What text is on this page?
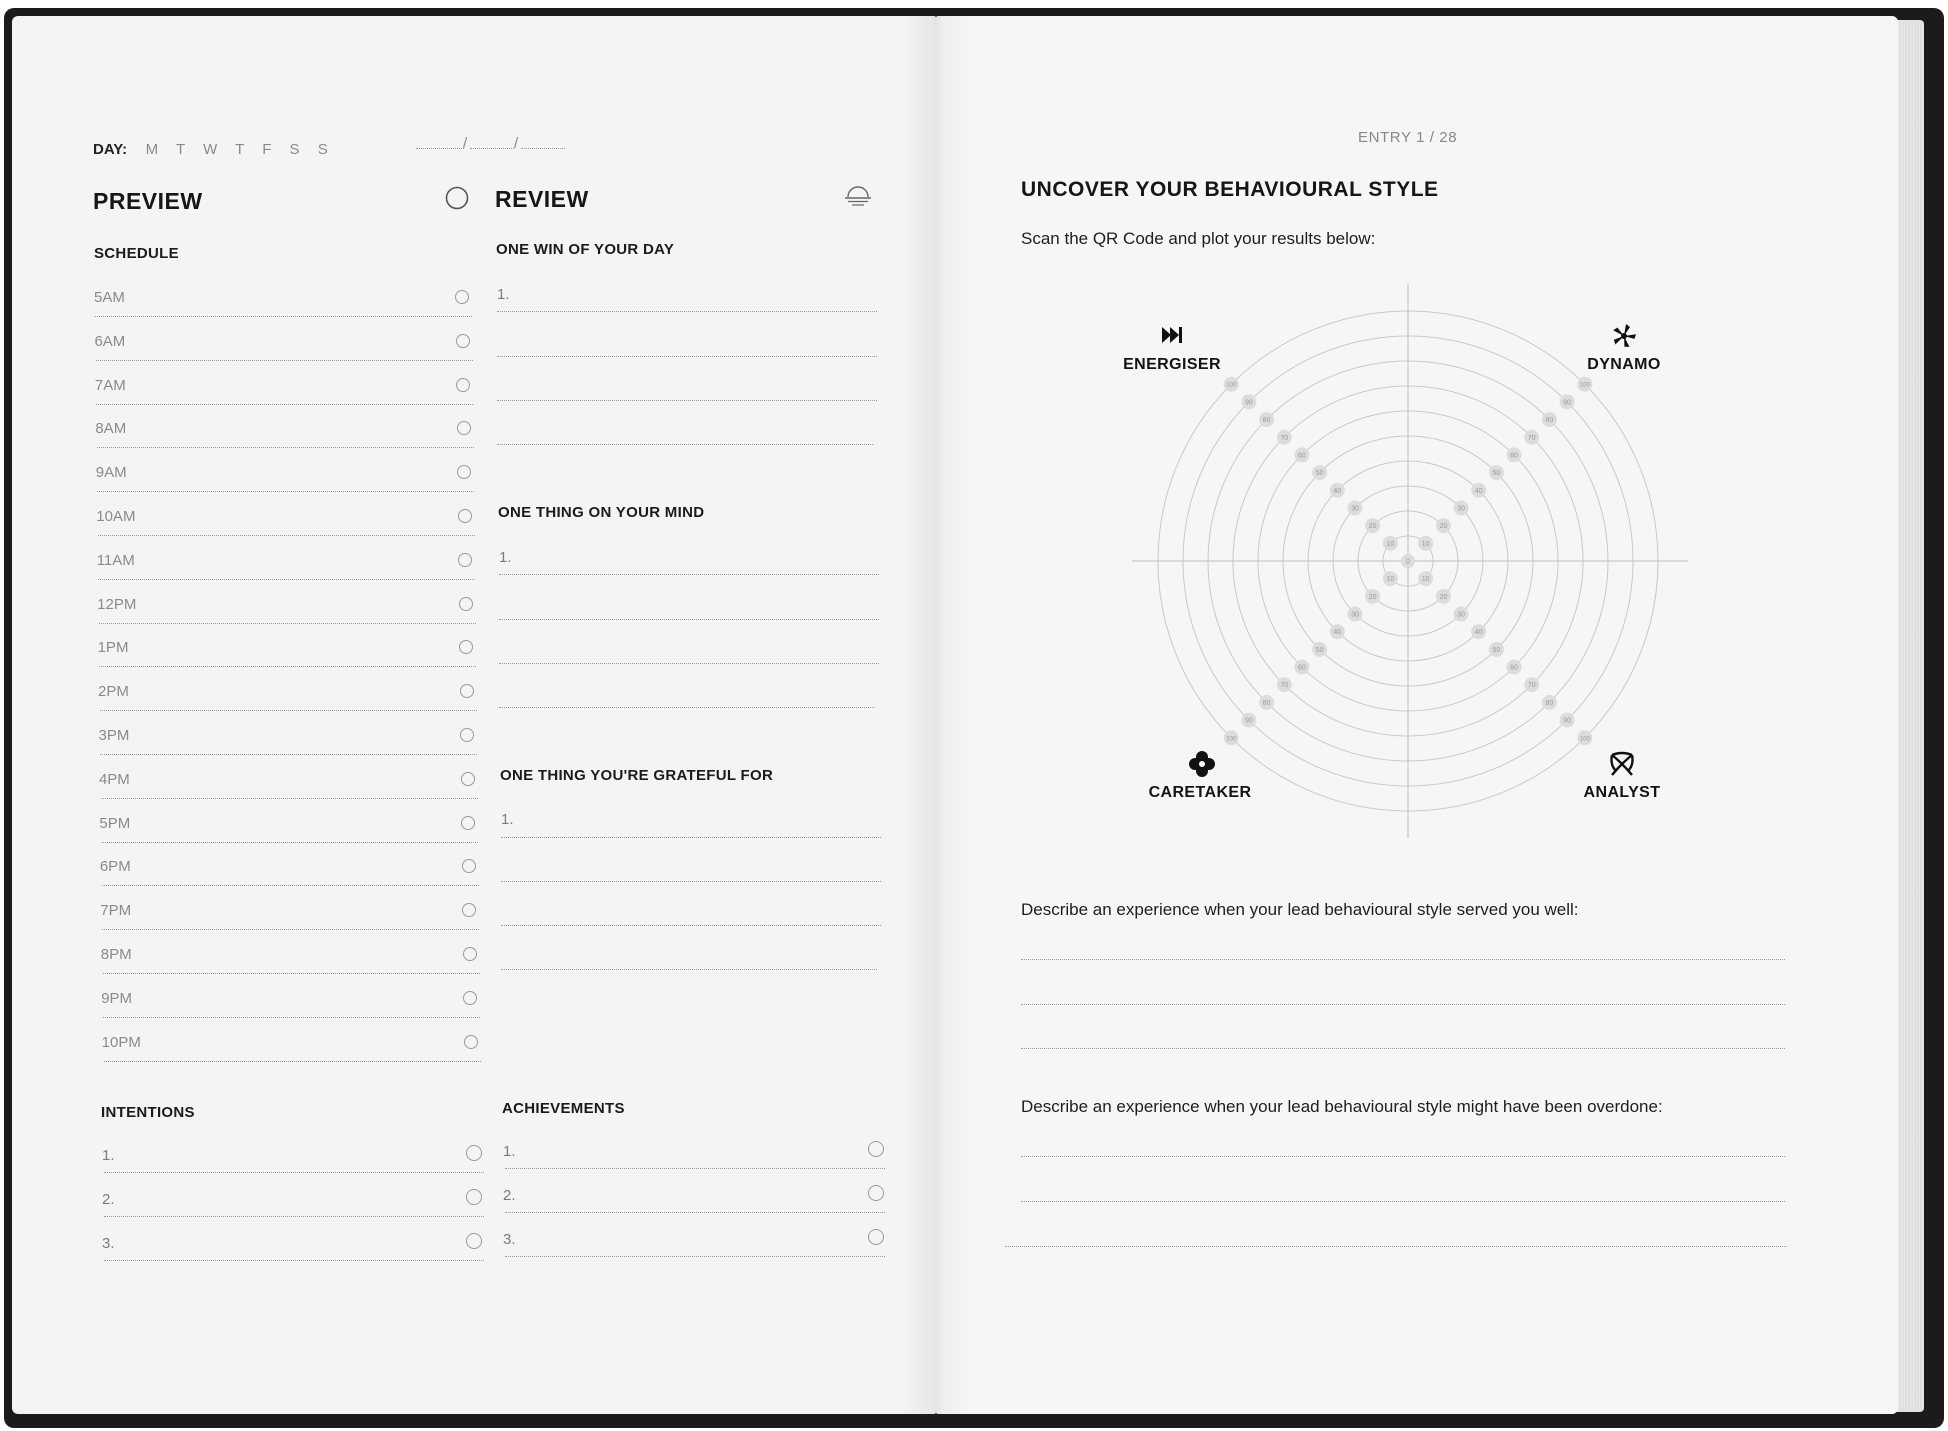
DAY: M T W T F S S	/	/
PREVIEW
SCHEDULE
5AM
6AM
7AM
8AM
9AM
10AM
11AM
12PM
1PM
2PM
3PM
4PM
5PM
6PM
7PM
8PM
9PM
10PM
REVIEW
ONE WIN OF YOUR DAY
1.
ONE THING ON YOUR MIND
1.
ONE THING YOU'RE GRATEFUL FOR
1.
INTENTIONS
1.
2.
3.
ACHIEVEMENTS
1.
2.
3.
ENTRY 1 / 28
UNCOVER YOUR BEHAVIOURAL STYLE
Scan the QR Code and plot your results below:
10
20
30
40
50
60
70
80
90
100
10
20
30
40
50
60
70
80
90
100
10
20
30
40
50
60
70
80
90
100
10
20
30
40
50
60
70
80
90
100
0
ENERGISER	DYNAMO
CARETAKER	ANALYST
Describe an experience when your lead behavioural style served you well:
Describe an experience when your lead behavioural style might have been overdone:
